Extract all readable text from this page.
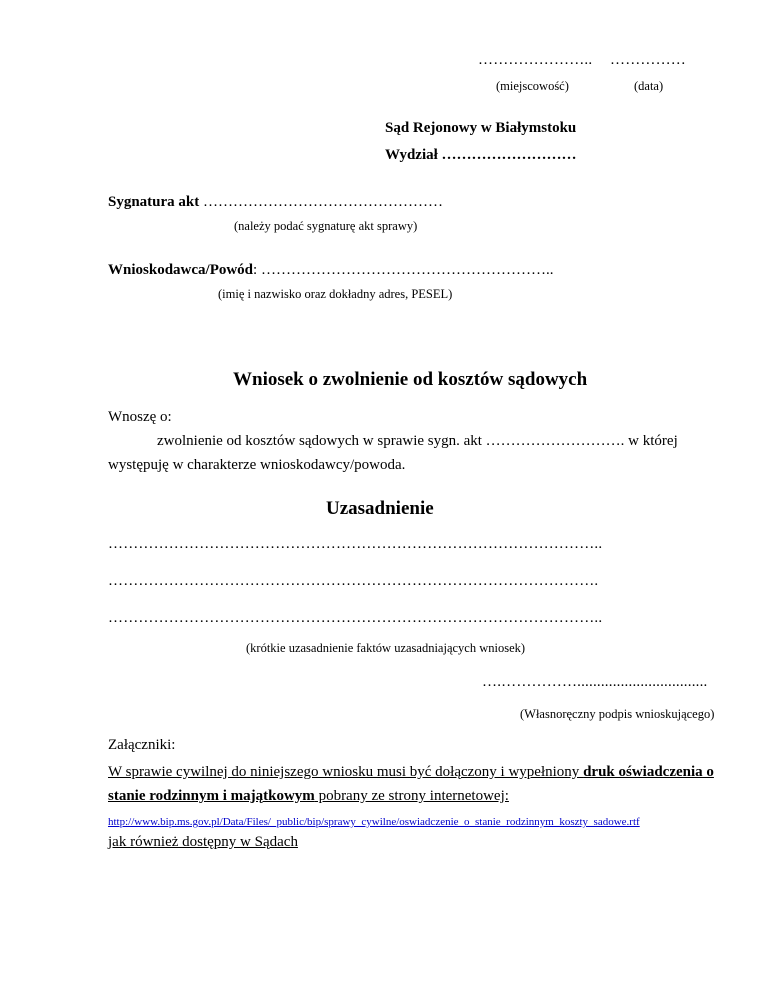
………………….. ……………
(miejscowość)	(data)
Sąd Rejonowy w Białymstoku
Wydział ………………………
Sygnatura akt …………………………………………
(należy podać sygnaturę akt sprawy)
Wnioskodawca/Powód: …………………………………………………..
(imię i nazwisko oraz dokładny adres, PESEL)
Wniosek o zwolnienie od kosztów sądowych
Wnoszę o:
zwolnienie od kosztów sądowych w sprawie sygn. akt ………………………. w której
występuję w charakterze wnioskodawcy/powoda.
Uzasadnienie
……………………………………………………………………………………..
…………………………………………………………………………………….
……………………………………………………………………………………..
(krótkie uzasadnienie faktów uzasadniających wniosek)
….…………….................................
(Własnoręczny podpis wnioskującego)
Załączniki:
W sprawie cywilnej do niniejszego wniosku musi być dołączony i wypełniony druk oświadczenia o
stanie rodzinnym i majątkowym pobrany ze strony internetowej:
http://www.bip.ms.gov.pl/Data/Files/_public/bip/sprawy_cywilne/oswiadczenie_o_stanie_rodzinnym_koszty_sadowe.rtf
jak również dostępny w Sądach
